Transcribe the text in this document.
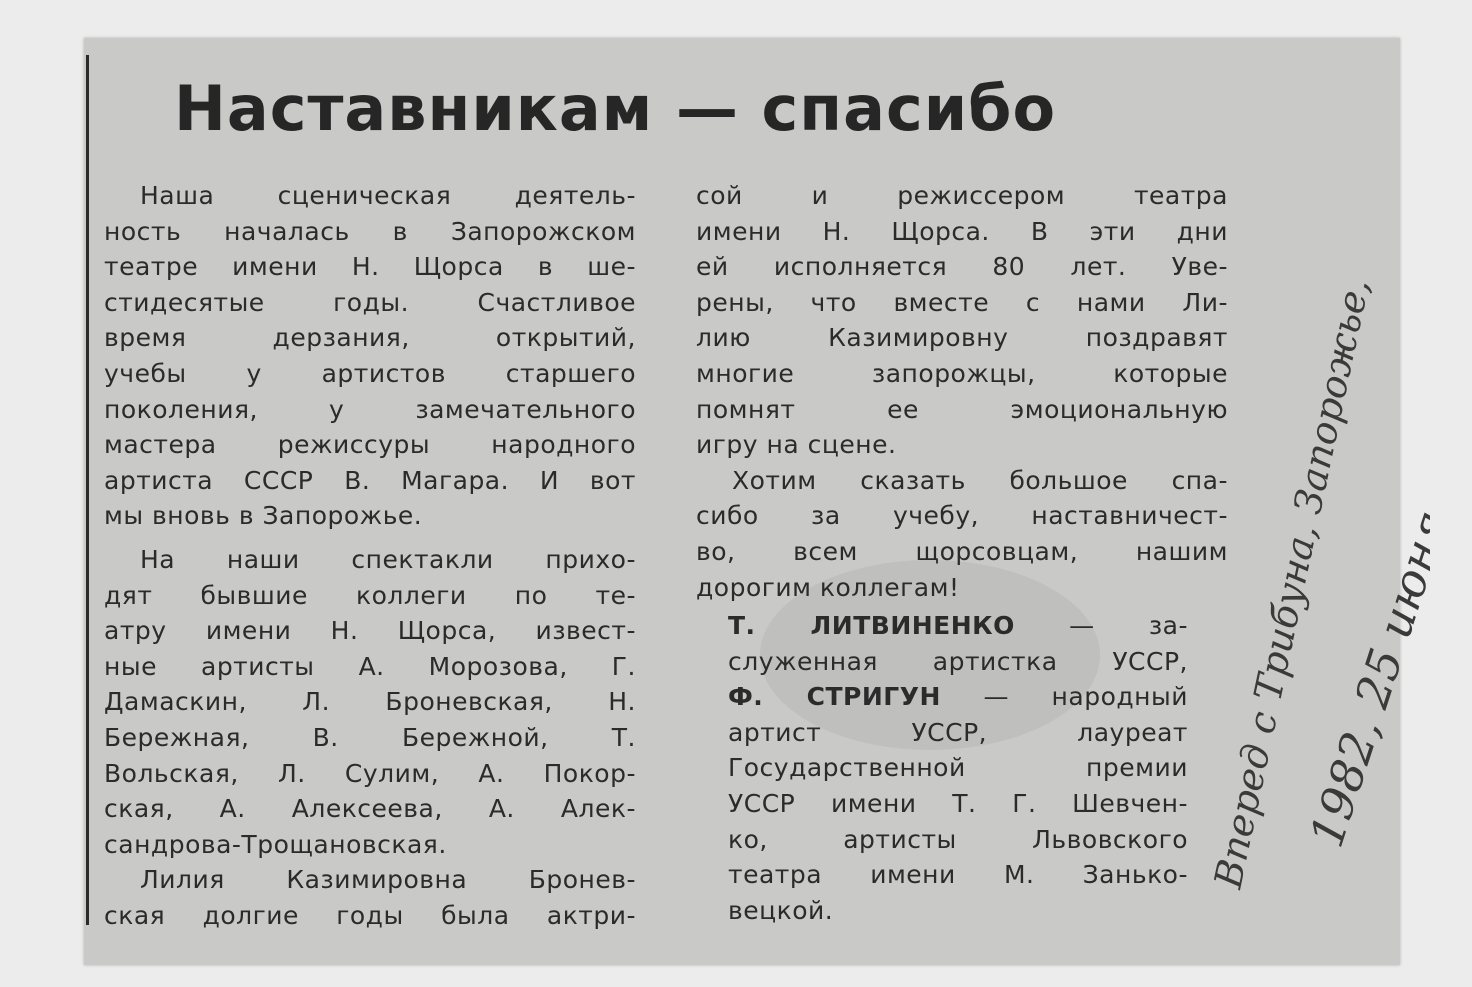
Наставникам — спасибо
Наша сценическая деятель-
ность началась в Запорожском
театре имени Н. Щорса в ше-
стидесятые годы. Счастливое
время дерзания, открытий,
учебы у артистов старшего
поколения, у замечательного
мастера режиссуры народного
артиста СССР В. Магара. И вот
мы вновь в Запорожье.
На наши спектакли прихо-
дят бывшие коллеги по те-
атру имени Н. Щорса, извест-
ные артисты А. Морозова, Г.
Дамаскин, Л. Броневская, Н.
Бережная, В. Бережной, Т.
Вольская, Л. Сулим, А. Покор-
ская, А. Алексеева, А. Алек-
сандрова-Трощановская.
Лилия Казимировна Бронев-
ская долгие годы была актри-
сой и режиссером театра
имени Н. Щорса. В эти дни
ей исполняется 80 лет. Уве-
рены, что вместе с нами Ли-
лию Казимировну поздравят
многие запорожцы, которые
помнят ее эмоциональную
игру на сцене.
Хотим сказать большое спа-
сибо за учебу, наставничест-
во, всем щорсовцам, нашим
дорогим коллегам!
Т. ЛИТВИНЕНКО — за-
служенная артистка УССР,
Ф. СТРИГУН — народный
артист УССР, лауреат
Государственной премии
УССР имени Т. Г. Шевчен-
ко, артисты Львовского
театра имени М. Занько-
вецкой.
Вперед с Трибуна, Запорожье,
1982, 25 июня
